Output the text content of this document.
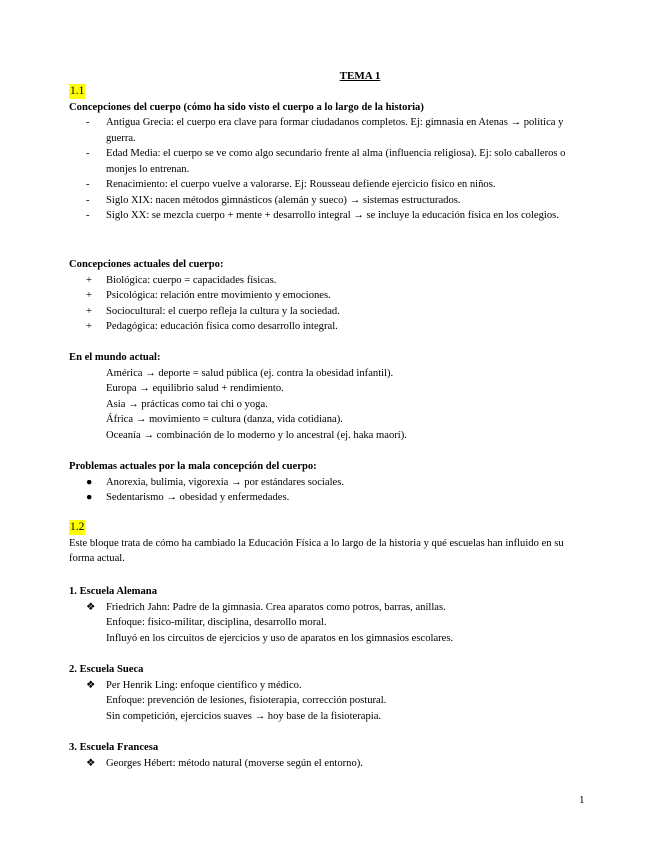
TEMA 1
1.1
Concepciones del cuerpo (cómo ha sido visto el cuerpo a lo largo de la historia)
- Antigua Grecia: el cuerpo era clave para formar ciudadanos completos. Ej: gimnasia en Atenas → política y guerra.
- Edad Media: el cuerpo se ve como algo secundario frente al alma (influencia religiosa). Ej: solo caballeros o monjes lo entrenan.
- Renacimiento: el cuerpo vuelve a valorarse. Ej: Rousseau defiende ejercicio físico en niños.
- Siglo XIX: nacen métodos gimnásticos (alemán y sueco) → sistemas estructurados.
- Siglo XX: se mezcla cuerpo + mente + desarrollo integral → se incluye la educación física en los colegios.
Concepciones actuales del cuerpo:
+ Biológica: cuerpo = capacidades físicas.
+ Psicológica: relación entre movimiento y emociones.
+ Sociocultural: el cuerpo refleja la cultura y la sociedad.
+ Pedagógica: educación física como desarrollo integral.
En el mundo actual:
América → deporte = salud pública (ej. contra la obesidad infantil).
Europa → equilibrio salud + rendimiento.
Asia → prácticas como tai chi o yoga.
África → movimiento = cultura (danza, vida cotidiana).
Oceanía → combinación de lo moderno y lo ancestral (ej. haka maorí).
Problemas actuales por la mala concepción del cuerpo:
● Anorexia, bulimia, vigorexia → por estándares sociales.
● Sedentarismo → obesidad y enfermedades.
1.2
Este bloque trata de cómo ha cambiado la Educación Física a lo largo de la historia y qué escuelas han influido en su forma actual.
1. Escuela Alemana
❖ Friedrich Jahn: Padre de la gimnasia. Crea aparatos como potros, barras, anillas.
Enfoque: físico-militar, disciplina, desarrollo moral.
Influyó en los circuitos de ejercicios y uso de aparatos en los gimnasios escolares.
2. Escuela Sueca
❖ Per Henrik Ling: enfoque científico y médico.
Enfoque: prevención de lesiones, fisioterapia, corrección postural.
Sin competición, ejercicios suaves → hoy base de la fisioterapia.
3. Escuela Francesa
❖ Georges Hébert: método natural (moverse según el entorno).
1
